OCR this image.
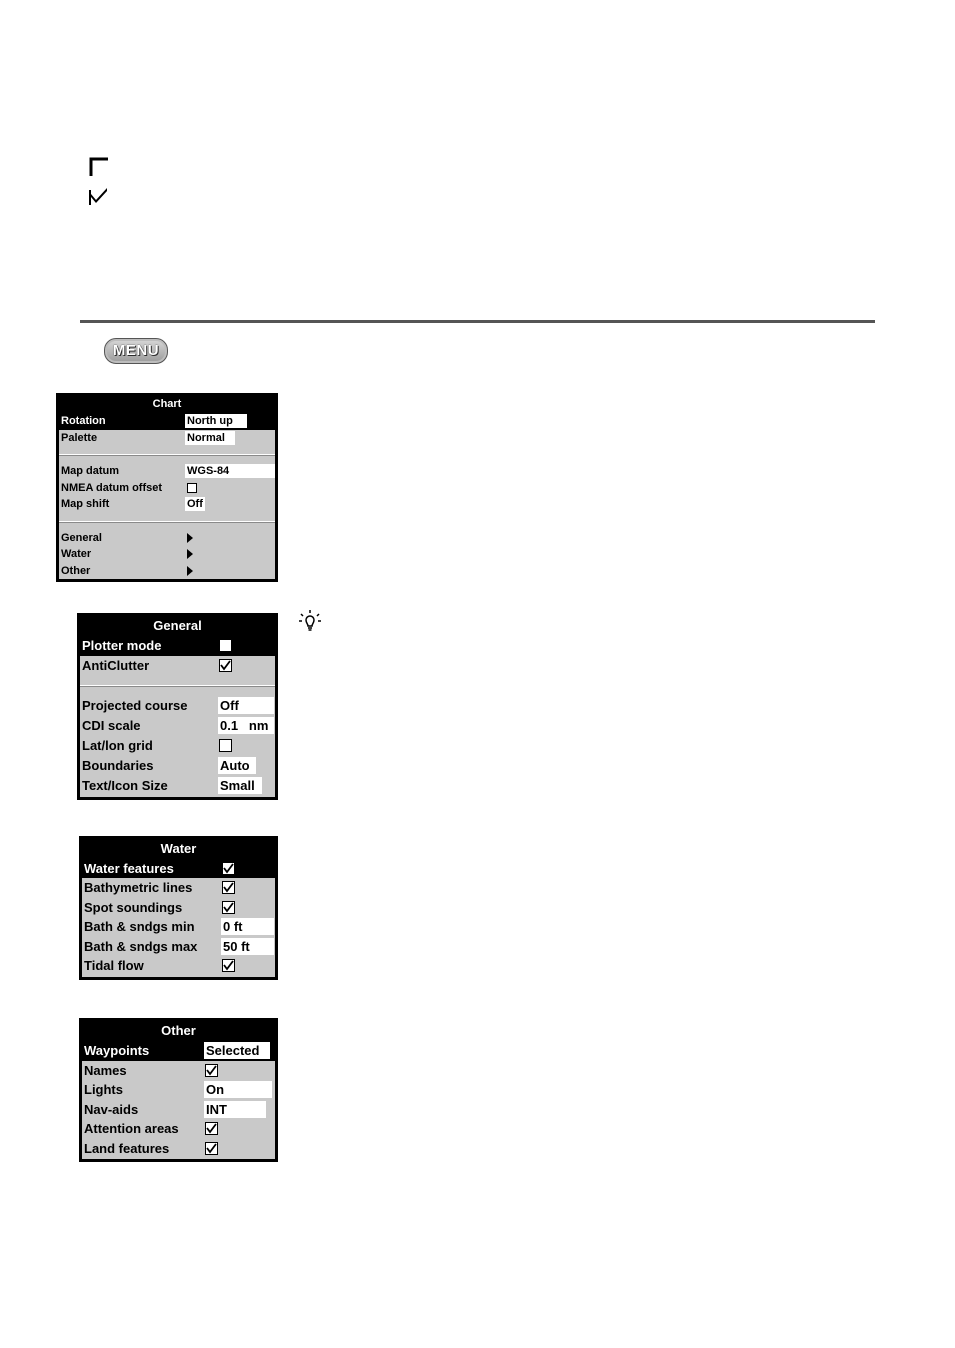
MENU
Chart
Rotation	North up
Palette	Normal
Map datum	WGS-84
NMEA datum offset
Map shift	Off
General
Water
Other
General
Plotter mode
AntiClutter
Projected course	Off
CDI scale	0.1   nm
Lat/lon grid
Boundaries	Auto
Text/Icon Size	Small
Water
Water features
Bathymetric lines
Spot soundings
Bath & sndgs min 0 ft
Bath & sndgs max 50 ft
Tidal flow
Other
Waypoints	Selected
Names
Lights	On
Nav-aids	INT
Attention areas
Land features
